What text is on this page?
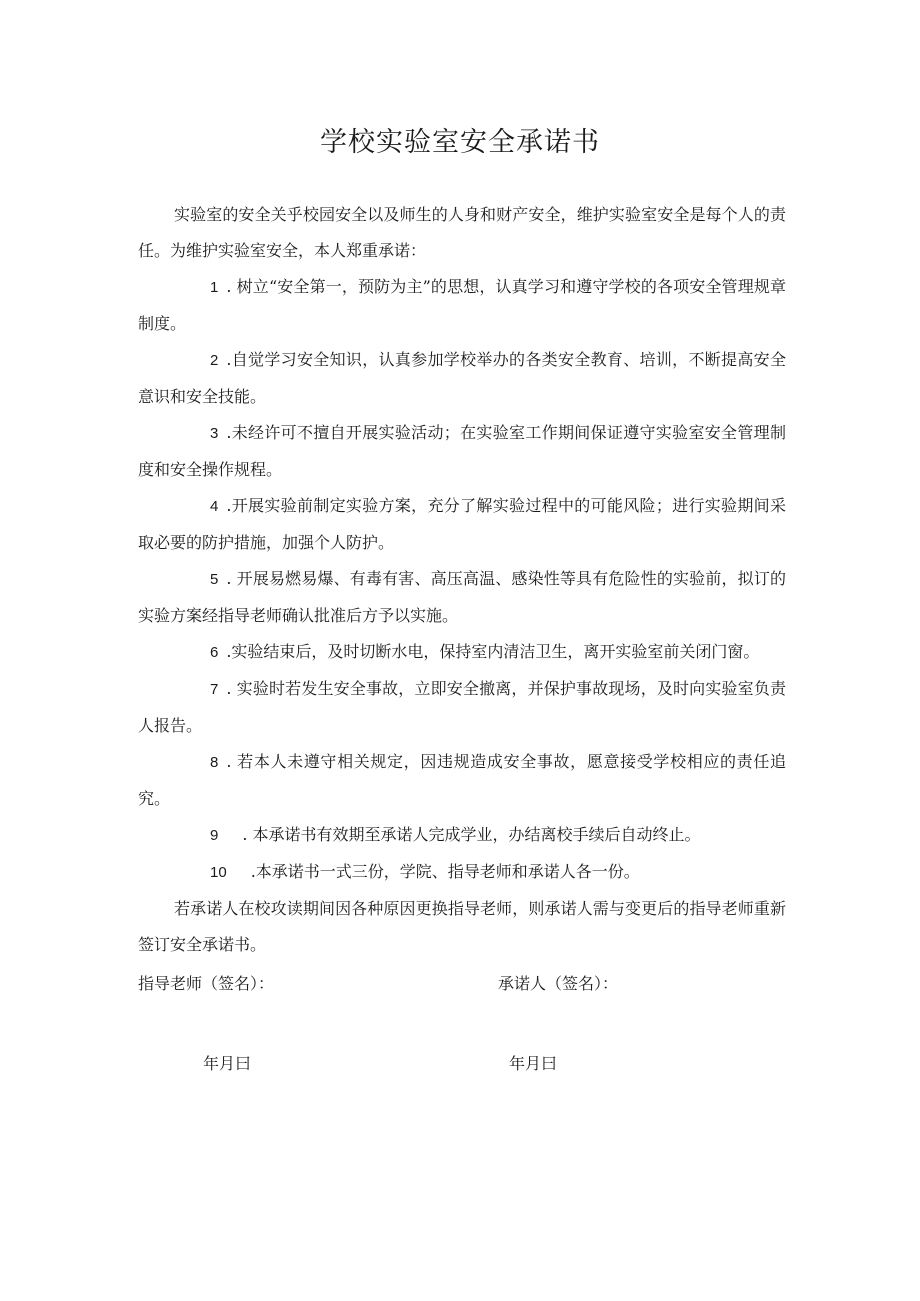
学校实验室安全承诺书

实验室的安全关乎校园安全以及师生的人身和财产安全，维护实验室安全是每个人的责任。为维护实验室安全，本人郑重承诺：

1 . 树立“安全第一，预防为主”的思想，认真学习和遵守学校的各项安全管理规章制度。

2 .自觉学习安全知识，认真参加学校举办的各类安全教育、培训，不断提高安全意识和安全技能。

3 .未经许可不擅自开展实验活动；在实验室工作期间保证遵守实验室安全管理制度和安全操作规程。

4 .开展实验前制定实验方案，充分了解实验过程中的可能风险；进行实验期间采取必要的防护措施，加强个人防护。

5 . 开展易燃易爆、有毒有害、高压高温、感染性等具有危险性的实验前，拟订的实验方案经指导老师确认批准后方予以实施。

6 .实验结束后，及时切断水电，保持室内清洁卫生，离开实验室前关闭门窗。

7 . 实验时若发生安全事故，立即安全撤离，并保护事故现场，及时向实验室负责人报告。

8 . 若本人未遵守相关规定，因违规造成安全事故，愿意接受学校相应的责任追究。

9 . 本承诺书有效期至承诺人完成学业，办结离校手续后自动终止。

10 .本承诺书一式三份，学院、指导老师和承诺人各一份。

若承诺人在校攻读期间因各种原因更换指导老师，则承诺人需与变更后的指导老师重新签订安全承诺书。

指导老师（签名）：	承诺人（签名）：
年月曰	年月曰
